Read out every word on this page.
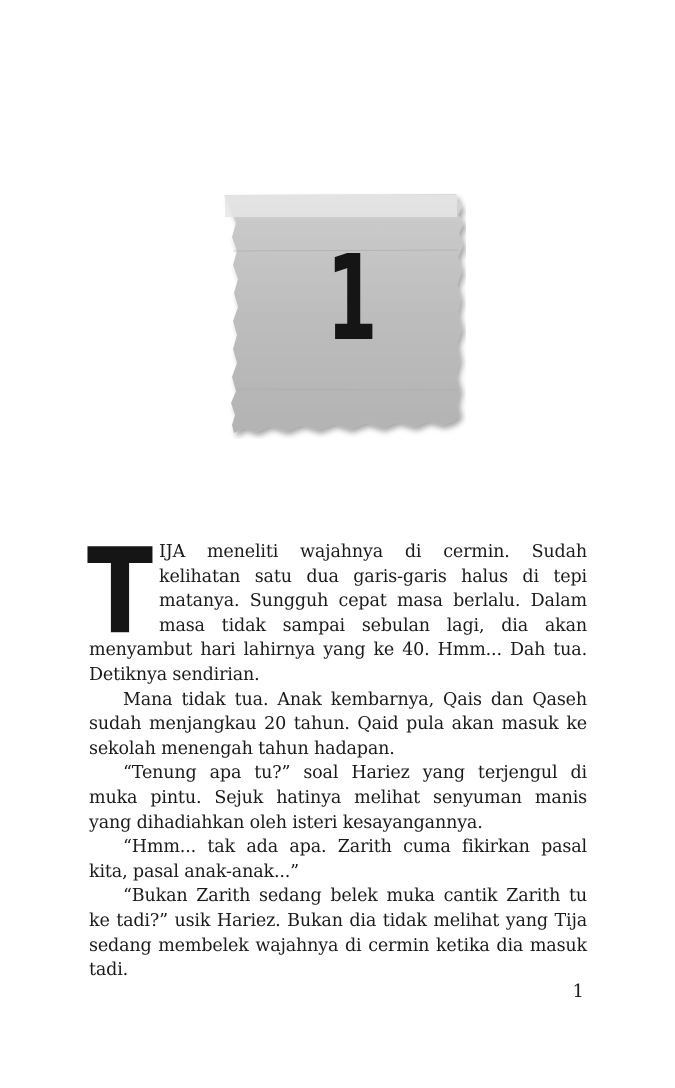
1

TIJA meneliti wajahnya di cermin. Sudah kelihatan satu dua garis-garis halus di tepi matanya. Sungguh cepat masa berlalu. Dalam masa tidak sampai sebulan lagi, dia akan menyambut hari lahirnya yang ke 40. Hmm... Dah tua. Detiknya sendirian.

Mana tidak tua. Anak kembarnya, Qais dan Qaseh sudah menjangkau 20 tahun. Qaid pula akan masuk ke sekolah menengah tahun hadapan.

“Tenung apa tu?” soal Hariez yang terjengul di muka pintu. Sejuk hatinya melihat senyuman manis yang dihadiahkan oleh isteri kesayangannya.

“Hmm... tak ada apa. Zarith cuma fikirkan pasal kita, pasal anak-anak...”

“Bukan Zarith sedang belek muka cantik Zarith tu ke tadi?” usik Hariez. Bukan dia tidak melihat yang Tija sedang membelek wajahnya di cermin ketika dia masuk tadi.

1
